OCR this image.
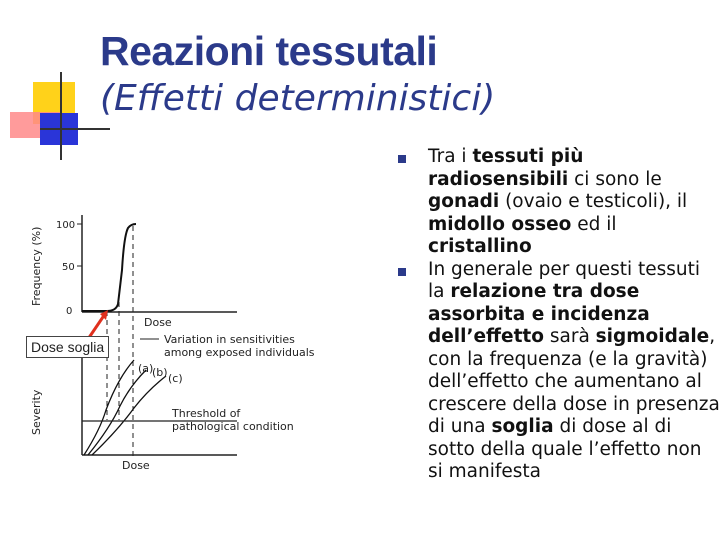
Reazioni tessutali
(Effetti deterministici)
Tra i tessuti più radiosensibili ci sono le gonadi (ovaio e testicoli), il midollo osseo ed il cristallino
In generale per questi tessuti la relazione tra dose assorbita e incidenza dell’effetto sarà sigmoidale, con la frequenza (e la gravità) dell’effetto che aumentano al crescere della dose in presenza di una soglia di dose al di sotto della quale l’effetto non si manifesta
100
50
0
Frequency (%)
Dose
Variation in sensitivities
among exposed individuals
Severity
Dose
(a)
(b) (c)
Threshold of
pathological condition
Dose soglia
